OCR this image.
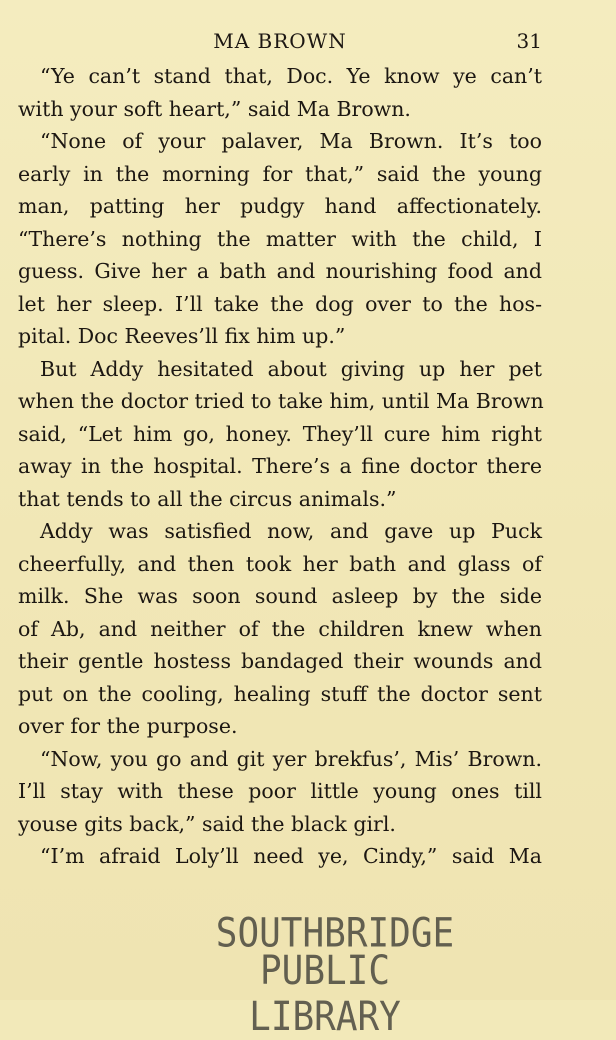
MA BROWN	31
“Ye can’t stand that, Doc. Ye know ye can’t
with your soft heart,” said Ma Brown.
“None of your palaver, Ma Brown. It’s too
early in the morning for that,” said the young
man, patting her pudgy hand affectionately.
“There’s nothing the matter with the child, I
guess. Give her a bath and nourishing food and
let her sleep. I’ll take the dog over to the hos-
pital. Doc Reeves’ll fix him up.”
But Addy hesitated about giving up her pet
when the doctor tried to take him, until Ma Brown
said, “Let him go, honey. They’ll cure him right
away in the hospital. There’s a fine doctor there
that tends to all the circus animals.”
Addy was satisfied now, and gave up Puck
cheerfully, and then took her bath and glass of
milk. She was soon sound asleep by the side
of Ab, and neither of the children knew when
their gentle hostess bandaged their wounds and
put on the cooling, healing stuff the doctor sent
over for the purpose.
“Now, you go and git yer brekfus’, Mis’ Brown.
I’ll stay with these poor little young ones till
youse gits back,” said the black girl.
“I’m afraid Loly’ll need ye, Cindy,” said Ma
SOUTHBRIDGE
PUBLIC LIBRARY
